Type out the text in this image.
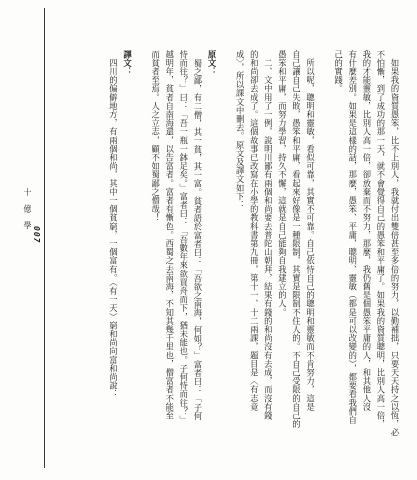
十 億 學
007	　如果我的資質愚笨，比不上別人，我就付出雙倍甚至多倍的努力，以勤補拙，只要天天持之以恆，必
不怕慚，到了成功的那一天，就不會覺得自己的愚笨和平庸了。如果我的資質聰明，比別人高一倍，
我的才能靈敏，比別人高一倍，卻放棄而不努力，那麼，我仍舊是個愚笨平庸的人，和其他人沒
有什麼差別。如果是這樣的話，那麼，愚笨、平庸，聰明、靈敏（都是可以改變的），都要看我們自
己的實踐。
　所以呢，聰明和靈敏，看似可靠，其實不可靠。自己依恃自己的聰明和靈敏而不肯努力，這是
自己讓自己失敗，愚笨和平庸，看起來好像是一種限制，其實是限制不住人的。不自己受限的自己的
愚笨和平庸，而努力學習，持久不懈，這就是自己能夠自我建立的人。
　二、文中用了一例，說明川鄙有兩個和尚要去普陀山朝拜，結果有錢的和尚沒有去成，而沒有錢
的和尚卻去成了。這個故事已改寫在小學的教科書第九冊，第十一、十二兩課，題目是〈有志竟
成〉，所以課文中刪去。原文及譯文如下：
原文：
蜀之鄙，有二僧，其一貧，其一富。貧者語於富者曰：「吾欲之南海，何如？」富者曰：「子何
恃而往？」曰：「吾一瓶一鉢足矣。」富者曰：「吾數年來欲買舟而下，猶未能也。子何恃而往？」
越明年，貧者自南海還，以告富者。富者有慚色。西蜀之去南海，不知其幾千里也，僧富者不能至
而貧者至焉。人之立志，顧不如蜀鄙之僧哉！
譯文：
　四川的偏僻地方，有兩個和尚，其中一個貧窮，一個富有。（有一天）窮和尚向富和尚說：
